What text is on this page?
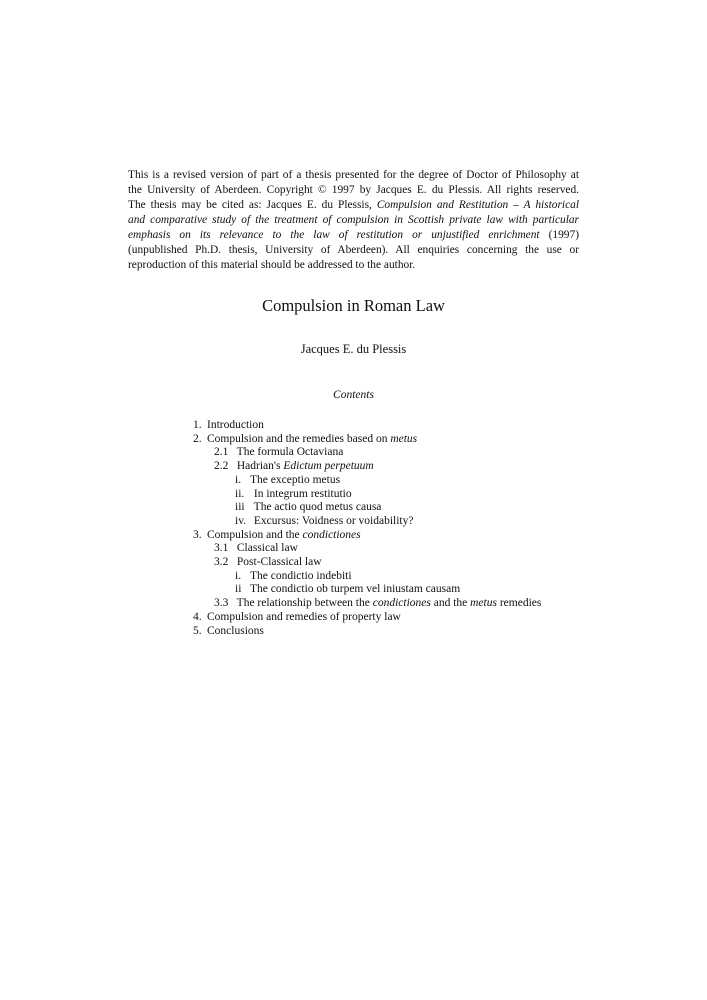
This is a revised version of part of a thesis presented for the degree of Doctor of Philosophy at
the University of Aberdeen. Copyright © 1997 by Jacques E. du Plessis. All rights reserved.
The thesis may be cited as: Jacques E. du Plessis, Compulsion and Restitution – A historical
and comparative study of the treatment of compulsion in Scottish private law with particular
emphasis on its relevance to the law of restitution or unjustified enrichment (1997)
(unpublished Ph.D. thesis, University of Aberdeen). All enquiries concerning the use or
reproduction of this material should be addressed to the author.
Compulsion in Roman Law
Jacques E. du Plessis
Contents
1. Introduction
2. Compulsion and the remedies based on metus
2.1 The formula Octaviana
2.2 Hadrian's Edictum perpetuum
i. The exceptio metus
ii. In integrum restitutio
iii The actio quod metus causa
iv. Excursus: Voidness or voidability?
3. Compulsion and the condictiones
3.1 Classical law
3.2 Post-Classical law
i. The condictio indebiti
ii The condictio ob turpem vel iniustam causam
3.3 The relationship between the condictiones and the metus remedies
4. Compulsion and remedies of property law
5. Conclusions
